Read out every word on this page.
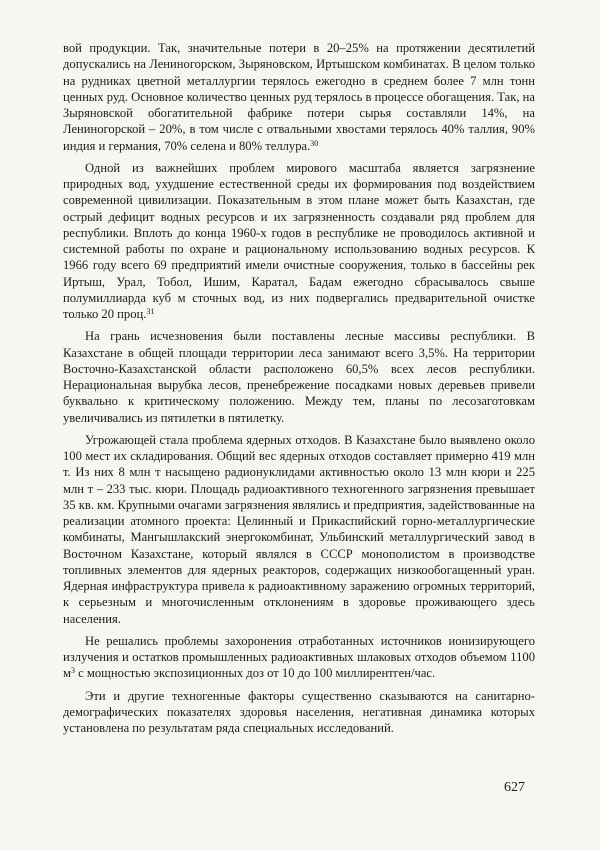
вой продукции. Так, значительные потери в 20–25% на протяжении десятилетий допускались на Лениногорском, Зыряновском, Иртышском комбинатах. В целом только на рудниках цветной металлургии терялось ежегодно в среднем более 7 млн тонн ценных руд. Основное количество ценных руд терялось в процессе обогащения. Так, на Зыряновской обогатительной фабрике потери сырья составляли 14%, на Лениногорской – 20%, в том числе с отвальными хвостами терялось 40% таллия, 90% индия и германия, 70% селена и 80% теллура.$^{30}$

Одной из важнейших проблем мирового масштаба является загрязнение природных вод, ухудшение естественной среды их формирования под воздействием современной цивилизации. Показательным в этом плане может быть Казахстан, где острый дефицит водных ресурсов и их загрязненность создавали ряд проблем для республики. Вплоть до конца 1960-х годов в республике не проводилось активной и системной работы по охране и рациональному использованию водных ресурсов. К 1966 году всего 69 предприятий имели очистные сооружения, только в бассейны рек Иртыш, Урал, Тобол, Ишим, Каратал, Бадам ежегодно сбрасывалось свыше полумиллиарда куб м сточных вод, из них подвергались предварительной очистке только 20 проц.$^{31}$

На грань исчезновения были поставлены лесные массивы республики. В Казахстане в общей площади территории леса занимают всего 3,5%. На территории Восточно-Казахстанской области расположено 60,5% всех лесов республики. Нерациональная вырубка лесов, пренебрежение посадками новых деревьев привели буквально к критическому положению. Между тем, планы по лесозаготовкам увеличивались из пятилетки в пятилетку.

Угрожающей стала проблема ядерных отходов. В Казахстане было выявлено около 100 мест их складирования. Общий вес ядерных отходов составляет примерно 419 млн т. Из них 8 млн т насыщено радионуклидами активностью около 13 млн кюри и 225 млн т – 233 тыс. кюри. Площадь радиоактивного техногенного загрязнения превышает 35 кв. км. Крупными очагами загрязнения являлись и предприятия, задействованные на реализации атомного проекта: Целинный и Прикаспийский горно-металлургические комбинаты, Мангышлакский энергокомбинат, Ульбинский металлургический завод в Восточном Казахстане, который являлся в СССР монополистом в производстве топливных элементов для ядерных реакторов, содержащих низкообогащенный уран. Ядерная инфраструктура привела к радиоактивному заражению огромных территорий, к серьезным и многочисленным отклонениям в здоровье проживающего здесь населения.

Не решались проблемы захоронения отработанных источников ионизирующего излучения и остатков промышленных радиоактивных шлаковых отходов объемом 1100 $м^3$ с мощностью экспозиционных доз от 10 до 100 миллирентген/час.

Эти и другие техногенные факторы существенно сказываются на санитарно-демографических показателях здоровья населения, негативная динамика которых установлена по результатам ряда специальных исследований.

627
